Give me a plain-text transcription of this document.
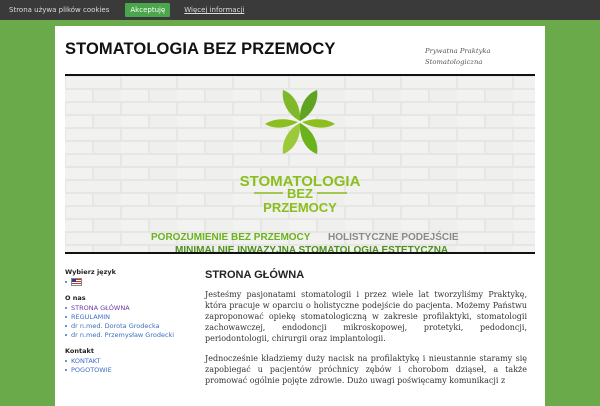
Strona używa plików cookies	Akceptuję	Więcej informacji
STOMATOLOGIA BEZ PRZEMOCY	Prywatna Praktyka Stomatologiczna
STOMATOLOGIA
BEZ
PRZEMOCY
POROZUMIENIE BEZ PRZEMOCY HOLISTYCZNE PODEJŚCIE
MINIMALNIE INWAZYJNA STOMATOLOGIA ESTETYCZNA
Wybierz język
O nas
STRONA GŁÓWNA
REGULAMIN
dr n.med. Dorota Grodecka
dr n.med. Przemysław Grodecki
Kontakt
KONTAKT
POGOTOWIE
STRONA GŁÓWNA

Jesteśmy pasjonatami stomatologii i przez wiele lat tworzyliśmy Praktykę, która pracuje w oparciu o holistyczne podejście do pacjenta. Możemy Państwu zaproponować opiekę stomatologiczną w zakresie profilaktyki, stomatologii zachowawczej, endodoncji mikroskopowej, protetyki, pedodoncji, periodontologii, chirurgii oraz implantologii.

Jednocześnie kładziemy duży nacisk na profilaktykę i nieustannie staramy się zapobiegać u pacjentów próchnicy zębów i chorobom dziąseł, a także promować ogólnie pojęte zdrowie. Dużo uwagi poświęcamy komunikacji z
